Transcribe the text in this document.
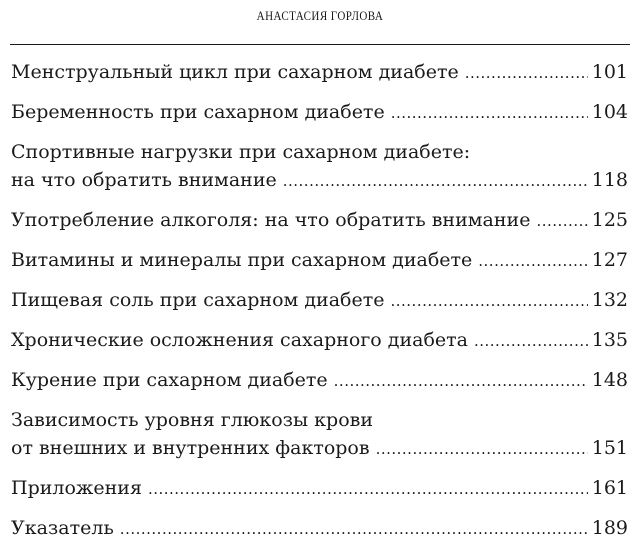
АНАСТАСИЯ ГОРЛОВА
Менструальный цикл при сахарном диабете .....	101
Беременность при сахарном диабете .....	104
Спортивные нагрузки при сахарном диабете:
на что обратить внимание .....	118
Употребление алкоголя: на что обратить внимание .....	125
Витамины и минералы при сахарном диабете .....	127
Пищевая соль при сахарном диабете .....	132
Хронические осложнения сахарного диабета .....	135
Курение при сахарном диабете .....	148
Зависимость уровня глюкозы крови
от внешних и внутренних факторов .....	151
Приложения .....	161
Указатель .....	189
